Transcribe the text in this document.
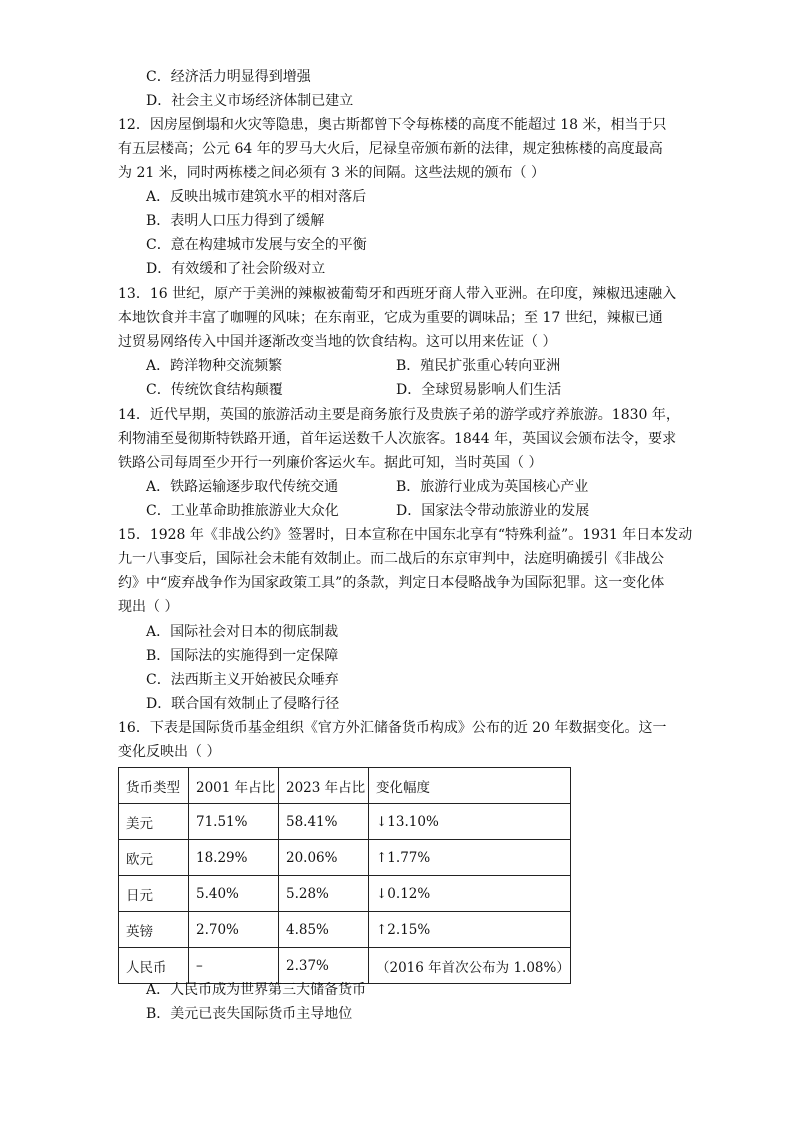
C．经济活力明显得到增强
D．社会主义市场经济体制已建立
12．因房屋倒塌和火灾等隐患，奥古斯都曾下令每栋楼的高度不能超过 18 米，相当于只
有五层楼高；公元 64 年的罗马大火后，尼禄皇帝颁布新的法律，规定独栋楼的高度最高
为 21 米，同时两栋楼之间必须有 3 米的间隔。这些法规的颁布（ ）
A．反映出城市建筑水平的相对落后
B．表明人口压力得到了缓解
C．意在构建城市发展与安全的平衡
D．有效缓和了社会阶级对立
13．16 世纪，原产于美洲的辣椒被葡萄牙和西班牙商人带入亚洲。在印度，辣椒迅速融入
本地饮食并丰富了咖喱的风味；在东南亚，它成为重要的调味品；至 17 世纪，辣椒已通
过贸易网络传入中国并逐渐改变当地的饮食结构。这可以用来佐证（ ）
A．跨洋物种交流频繁	B．殖民扩张重心转向亚洲
C．传统饮食结构颠覆	D．全球贸易影响人们生活
14．近代早期，英国的旅游活动主要是商务旅行及贵族子弟的游学或疗养旅游。1830 年，
利物浦至曼彻斯特铁路开通，首年运送数千人次旅客。1844 年，英国议会颁布法令，要求
铁路公司每周至少开行一列廉价客运火车。据此可知，当时英国（ ）
A．铁路运输逐步取代传统交通	B．旅游行业成为英国核心产业
C．工业革命助推旅游业大众化	D．国家法令带动旅游业的发展
15．1928 年《非战公约》签署时，日本宣称在中国东北享有“特殊利益”。1931 年日本发动
九一八事变后，国际社会未能有效制止。而二战后的东京审判中，法庭明确援引《非战公
约》中“废弃战争作为国家政策工具”的条款，判定日本侵略战争为国际犯罪。这一变化体
现出（ ）
A．国际社会对日本的彻底制裁
B．国际法的实施得到一定保障
C．法西斯主义开始被民众唾弃
D．联合国有效制止了侵略行径
16．下表是国际货币基金组织《官方外汇储备货币构成》公布的近 20 年数据变化。这一
变化反映出（ ）
货币类型	2001 年占比	2023 年占比	变化幅度
美元	71.51%	58.41%	↓13.10%
欧元	18.29%	20.06%	↑1.77%
日元	5.40%	5.28%	↓0.12%
英镑	2.70%	4.85%	↑2.15%
人民币	–	2.37%	（2016 年首次公布为 1.08%）
A．人民币成为世界第三大储备货币
B．美元已丧失国际货币主导地位
